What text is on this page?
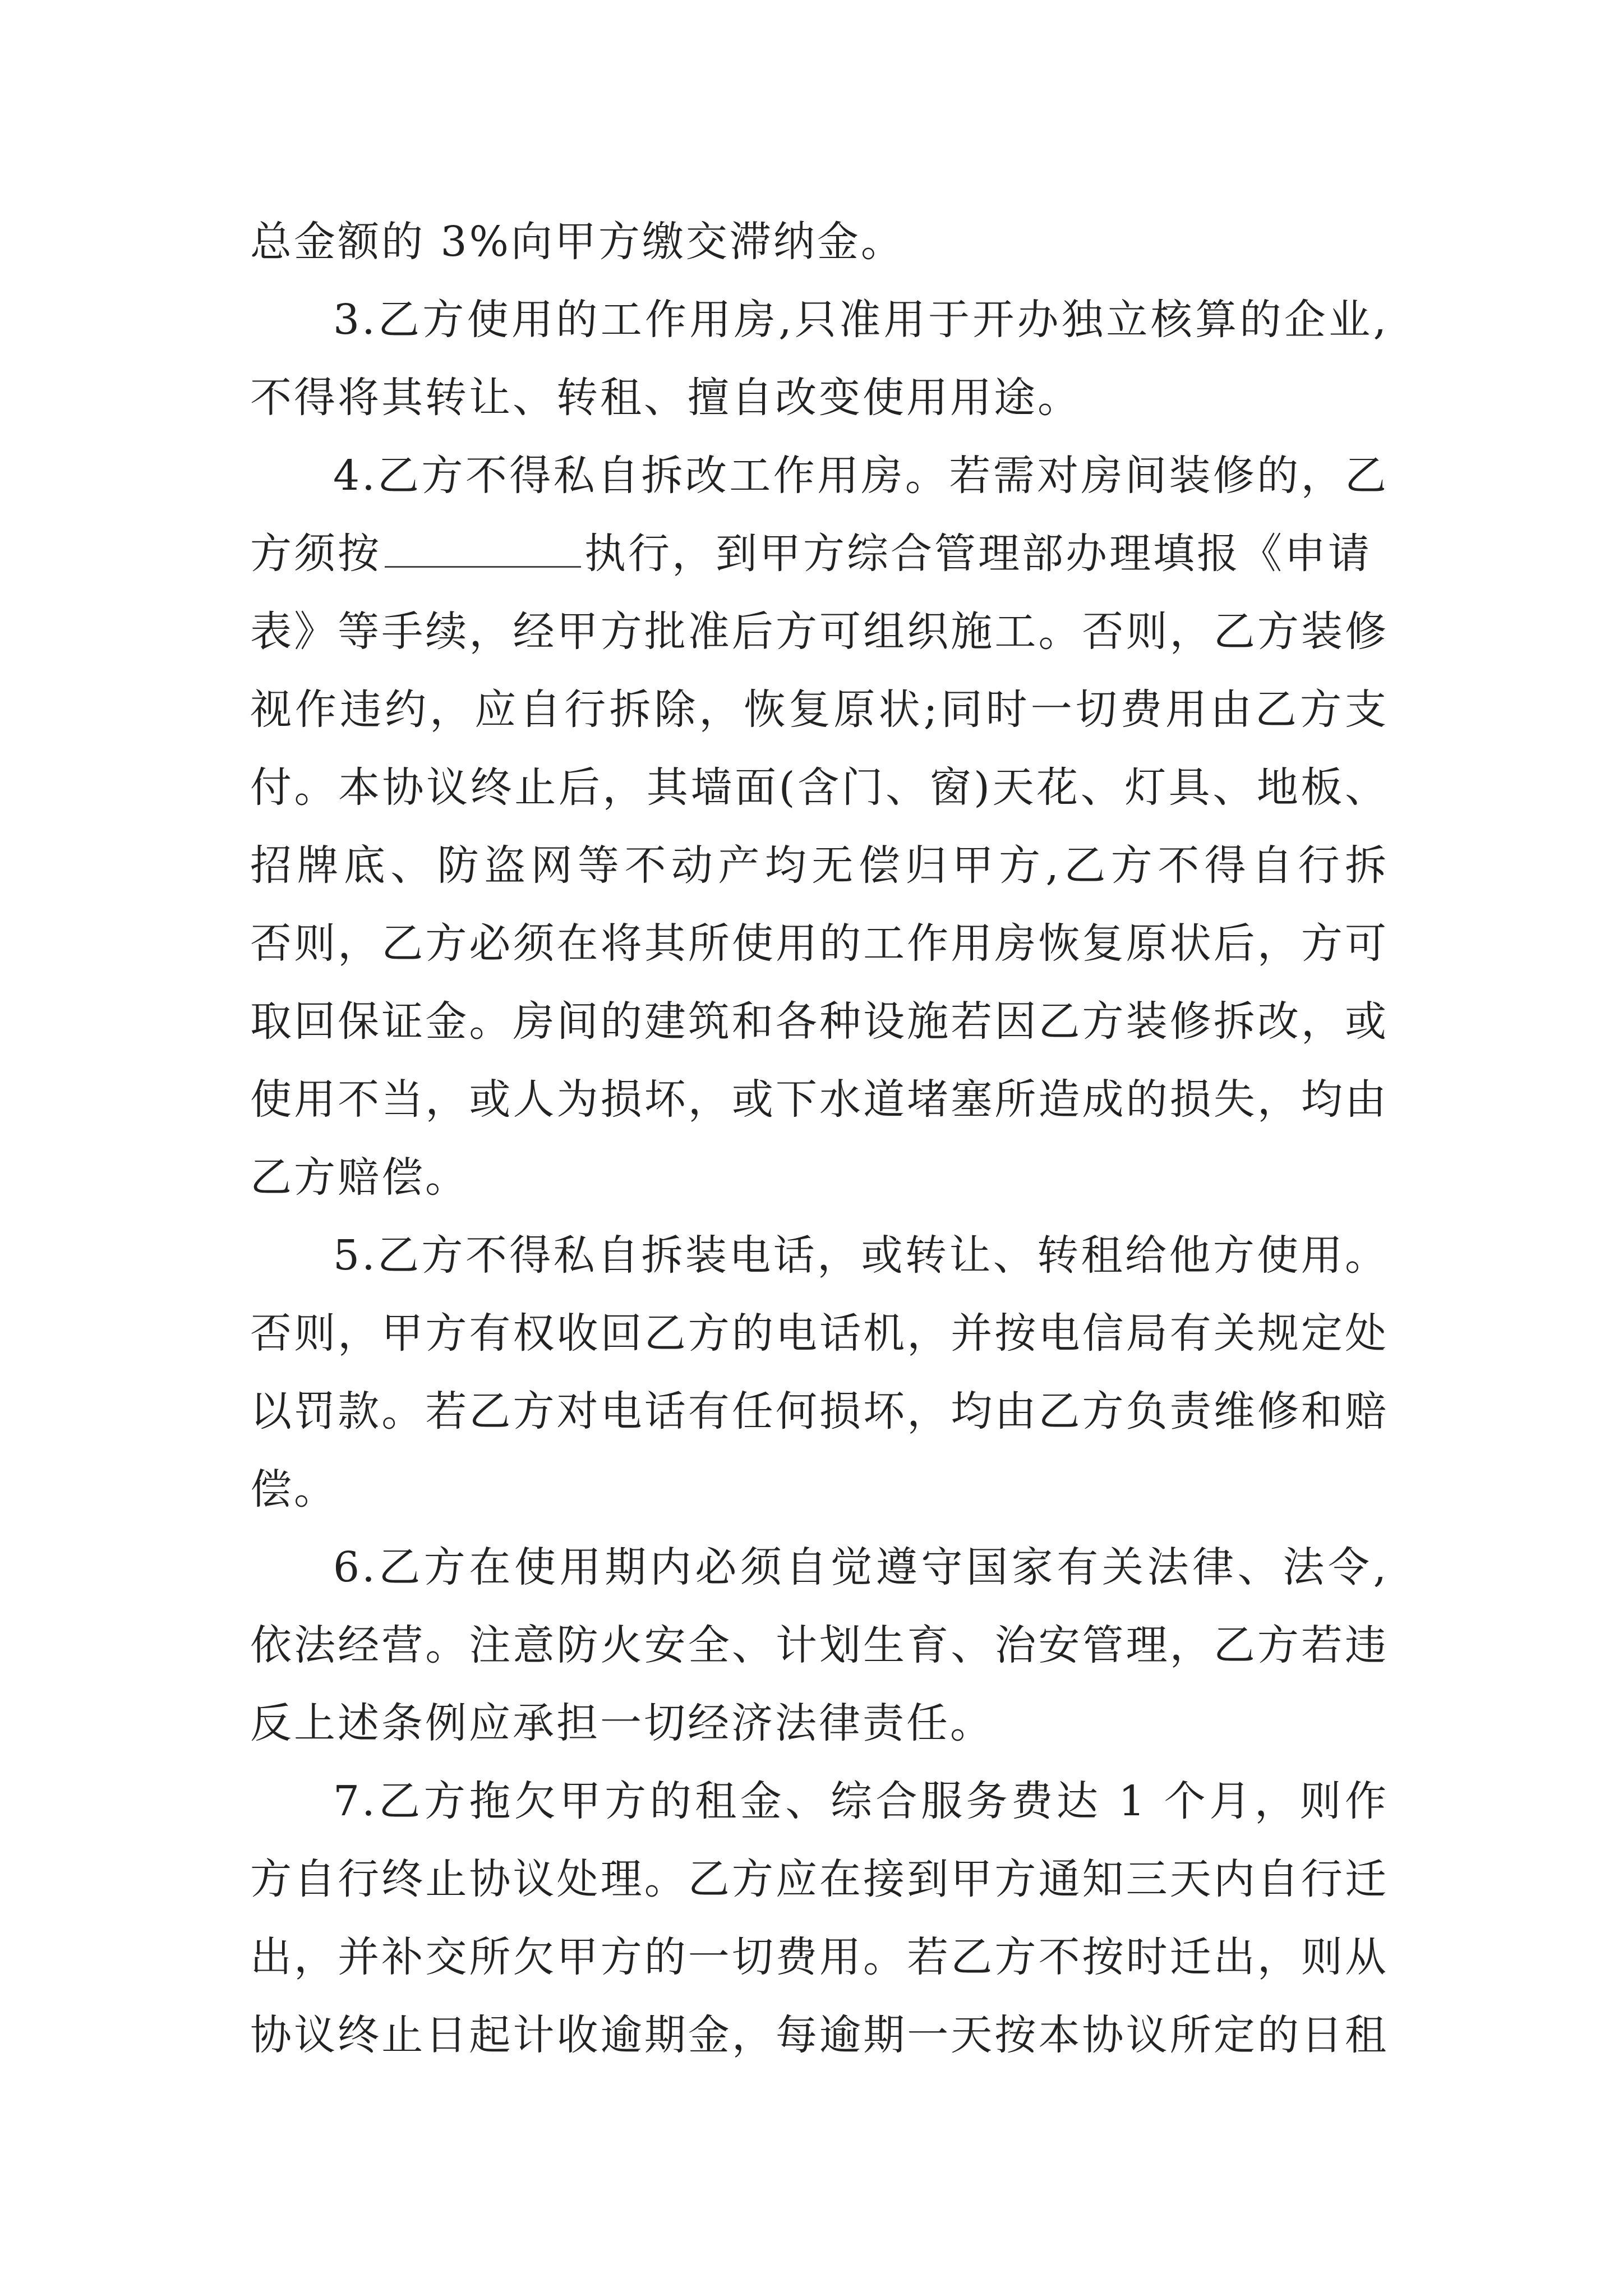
总金额的 3%向甲方缴交滞纳金。
3.乙方使用的工作用房,只准用于开办独立核算的企业,
不得将其转让、转租、擅自改变使用用途。
4.乙方不得私自拆改工作用房。若需对房间装修的，乙
方须按	执行，到甲方综合管理部办理填报《申请
表》等手续，经甲方批准后方可组织施工。否则，乙方装修
视作违约，应自行拆除，恢复原状;同时一切费用由乙方支
付。本协议终止后，其墙面(含门、窗)天花、灯具、地板、
招牌底、防盗网等不动产均无偿归甲方,乙方不得自行拆
否则，乙方必须在将其所使用的工作用房恢复原状后，方可
取回保证金。房间的建筑和各种设施若因乙方装修拆改，或
使用不当，或人为损坏，或下水道堵塞所造成的损失，均由
乙方赔偿。
5.乙方不得私自拆装电话，或转让、转租给他方使用。
否则，甲方有权收回乙方的电话机，并按电信局有关规定处
以罚款。若乙方对电话有任何损坏，均由乙方负责维修和赔
偿。
6.乙方在使用期内必须自觉遵守国家有关法律、法令,
依法经营。注意防火安全、计划生育、治安管理，乙方若违
反上述条例应承担一切经济法律责任。
7.乙方拖欠甲方的租金、综合服务费达 1 个月，则作
方自行终止协议处理。乙方应在接到甲方通知三天内自行迁
出，并补交所欠甲方的一切费用。若乙方不按时迁出，则从
协议终止日起计收逾期金，每逾期一天按本协议所定的日租
